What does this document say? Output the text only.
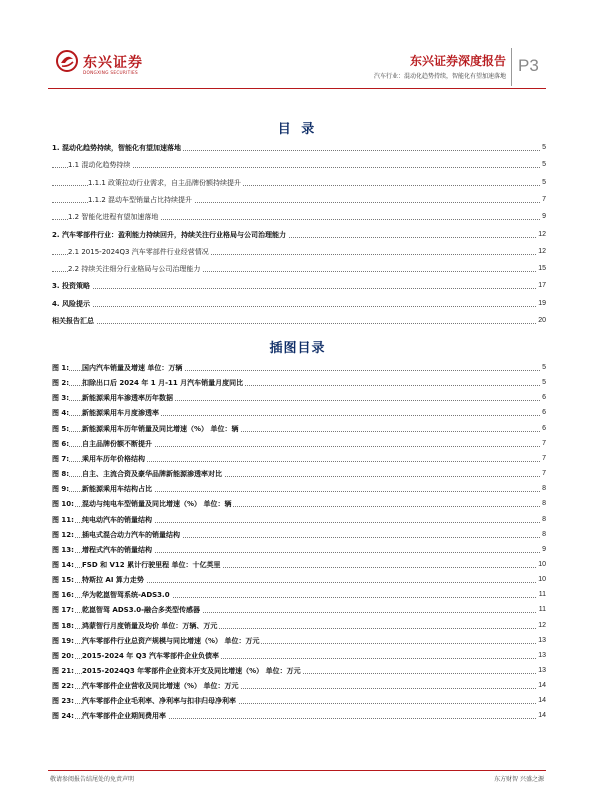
东兴证券
DONGXING SECURITIES
东兴证券深度报告
汽车行业：混动化趋势持续，智能化有望加速落地
P3
目 录
1. 混动化趋势持续，智能化有望加速落地	5
1.1 混动化趋势持续	5
1.1.1 政策拉动行业需求，自主品牌份额持续提升	5
1.1.2 混动车型销量占比持续提升	7
1.2 智能化进程有望加速落地	9
2. 汽车零部件行业：盈利能力持续回升，持续关注行业格局与公司治理能力	12
2.1 2015-2024Q3 汽车零部件行业经营情况	12
2.2 持续关注细分行业格局与公司治理能力	15
3. 投资策略	17
4. 风险提示	19
相关报告汇总	20
插图目录
图 1: 国内汽车销量及增速 单位：万辆	5
图 2: 扣除出口后 2024 年 1 月-11 月汽车销量月度同比	5
图 3: 新能源乘用车渗透率历年数据	6
图 4: 新能源乘用车月度渗透率	6
图 5: 新能源乘用车历年销量及同比增速（%） 单位：辆	6
图 6: 自主品牌份额不断提升	7
图 7: 乘用车历年价格结构	7
图 8: 自主、主流合资及豪华品牌新能源渗透率对比	7
图 9: 新能源乘用车结构占比	8
图 10: 混动与纯电车型销量及同比增速（%） 单位：辆	8
图 11: 纯电动汽车的销量结构	8
图 12: 插电式混合动力汽车的销量结构	8
图 13: 增程式汽车的销量结构	9
图 14: FSD 和 V12 累计行驶里程 单位：十亿英里	10
图 15: 特斯拉 AI 算力走势	10
图 16: 华为乾崑智驾系统-ADS3.0	11
图 17: 乾崑智驾 ADS3.0-融合多类型传感器	11
图 18: 鸿蒙智行月度销量及均价 单位：万辆、万元	12
图 19: 汽车零部件行业总资产规模与同比增速（%） 单位：万元	13
图 20: 2015-2024 年 Q3 汽车零部件企业负债率	13
图 21: 2015-2024Q3 年零部件企业资本开支及同比增速（%） 单位：万元	13
图 22: 汽车零部件企业营收及同比增速（%） 单位：万元	14
图 23: 汽车零部件企业毛利率、净利率与扣非归母净利率	14
图 24: 汽车零部件企业期间费用率	14
敬请参阅报告结尾处的免责声明	东方财智 兴盛之源
